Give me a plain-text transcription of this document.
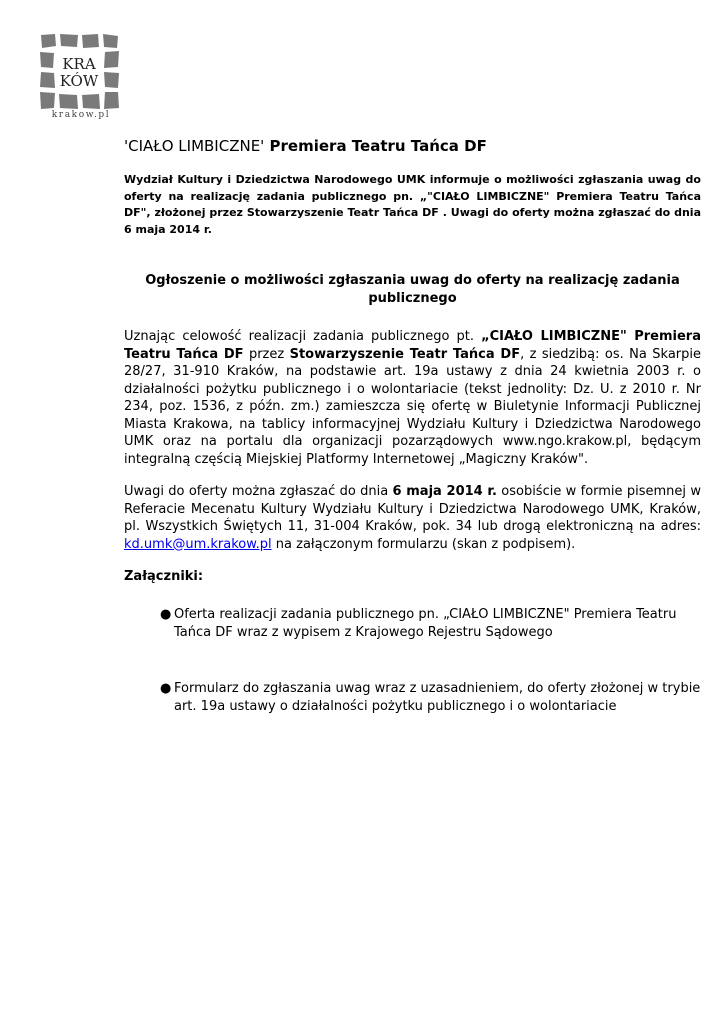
KRA
KÓW
krakow.pl
'CIAŁO LIMBICZNE' Premiera Teatru Tańca DF

Wydział Kultury i Dziedzictwa Narodowego UMK informuje o możliwości zgłaszania uwag do oferty na realizację zadania publicznego pn. „"CIAŁO LIMBICZNE" Premiera Teatru Tańca DF", złożonej przez Stowarzyszenie Teatr Tańca DF . Uwagi do oferty można zgłaszać do dnia 6 maja 2014 r.

Ogłoszenie o możliwości zgłaszania uwag do oferty na realizację zadania publicznego

Uznając celowość realizacji zadania publicznego pt. „CIAŁO LIMBICZNE" Premiera Teatru Tańca DF przez Stowarzyszenie Teatr Tańca DF, z siedzibą: os. Na Skarpie 28/27, 31-910 Kraków, na podstawie art. 19a ustawy z dnia 24 kwietnia 2003 r. o działalności pożytku publicznego i o wolontariacie (tekst jednolity: Dz. U. z 2010 r. Nr 234, poz. 1536, z późn. zm.) zamieszcza się ofertę w Biuletynie Informacji Publicznej Miasta Krakowa, na tablicy informacyjnej Wydziału Kultury i Dziedzictwa Narodowego UMK oraz na portalu dla organizacji pozarządowych www.ngo.krakow.pl, będącym integralną częścią Miejskiej Platformy Internetowej „Magiczny Kraków".

Uwagi do oferty można zgłaszać do dnia 6 maja 2014 r. osobiście w formie pisemnej w Referacie Mecenatu Kultury Wydziału Kultury i Dziedzictwa Narodowego UMK, Kraków, pl. Wszystkich Świętych 11, 31-004 Kraków, pok. 34 lub drogą elektroniczną na adres: kd.umk@um.krakow.pl na załączonym formularzu (skan z podpisem).

Załączniki:
● Oferta realizacji zadania publicznego pn. „CIAŁO LIMBICZNE" Premiera Teatru Tańca DF wraz z wypisem z Krajowego Rejestru Sądowego
● Formularz do zgłaszania uwag wraz z uzasadnieniem, do oferty złożonej w trybie art. 19a ustawy o działalności pożytku publicznego i o wolontariacie
